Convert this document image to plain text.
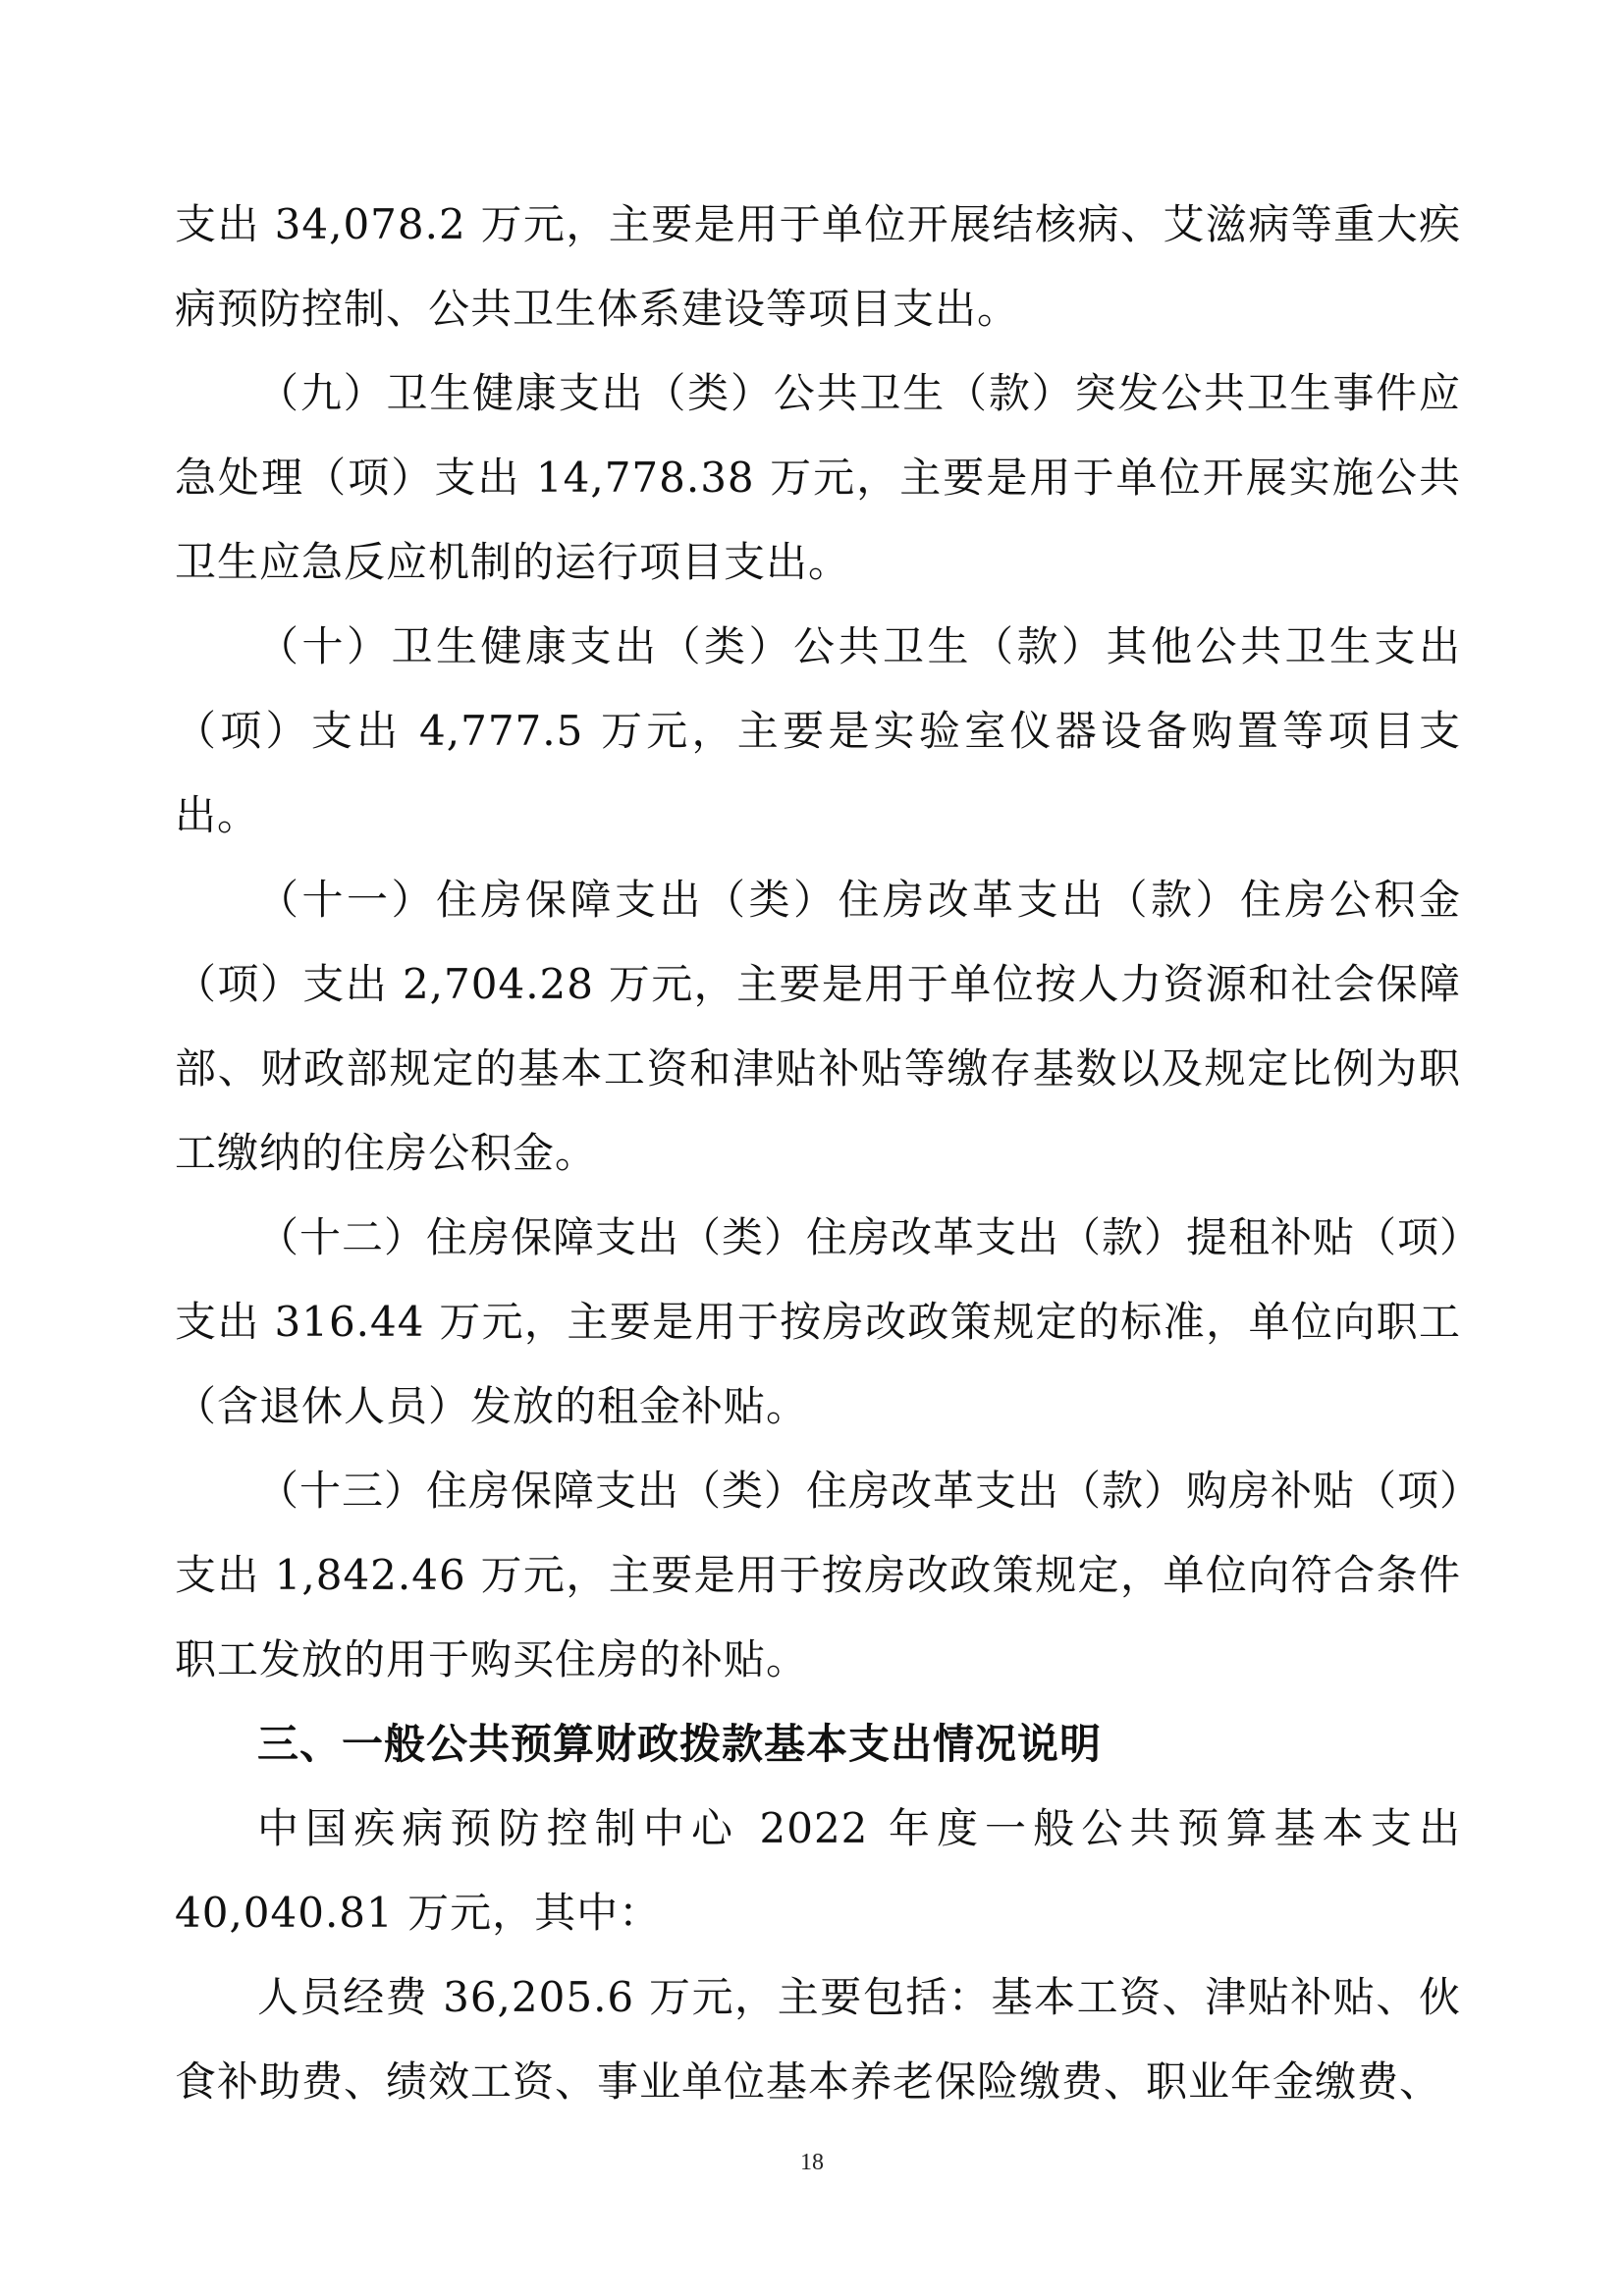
支出 34,078.2 万元，主要是用于单位开展结核病、艾滋病等重大疾病预防控制、公共卫生体系建设等项目支出。

（九）卫生健康支出（类）公共卫生（款）突发公共卫生事件应急处理（项）支出 14,778.38 万元，主要是用于单位开展实施公共卫生应急反应机制的运行项目支出。

（十）卫生健康支出（类）公共卫生（款）其他公共卫生支出（项）支出 4,777.5 万元，主要是实验室仪器设备购置等项目支出。

（十一）住房保障支出（类）住房改革支出（款）住房公积金（项）支出 2,704.28 万元，主要是用于单位按人力资源和社会保障部、财政部规定的基本工资和津贴补贴等缴存基数以及规定比例为职工缴纳的住房公积金。

（十二）住房保障支出（类）住房改革支出（款）提租补贴（项）支出 316.44 万元，主要是用于按房改政策规定的标准，单位向职工（含退休人员）发放的租金补贴。

（十三）住房保障支出（类）住房改革支出（款）购房补贴（项）支出 1,842.46 万元，主要是用于按房改政策规定，单位向符合条件职工发放的用于购买住房的补贴。

三、一般公共预算财政拨款基本支出情况说明

中国疾病预防控制中心 2022 年度一般公共预算基本支出 40,040.81 万元，其中：

人员经费 36,205.6 万元，主要包括：基本工资、津贴补贴、伙食补助费、绩效工资、事业单位基本养老保险缴费、职业年金缴费、

18
